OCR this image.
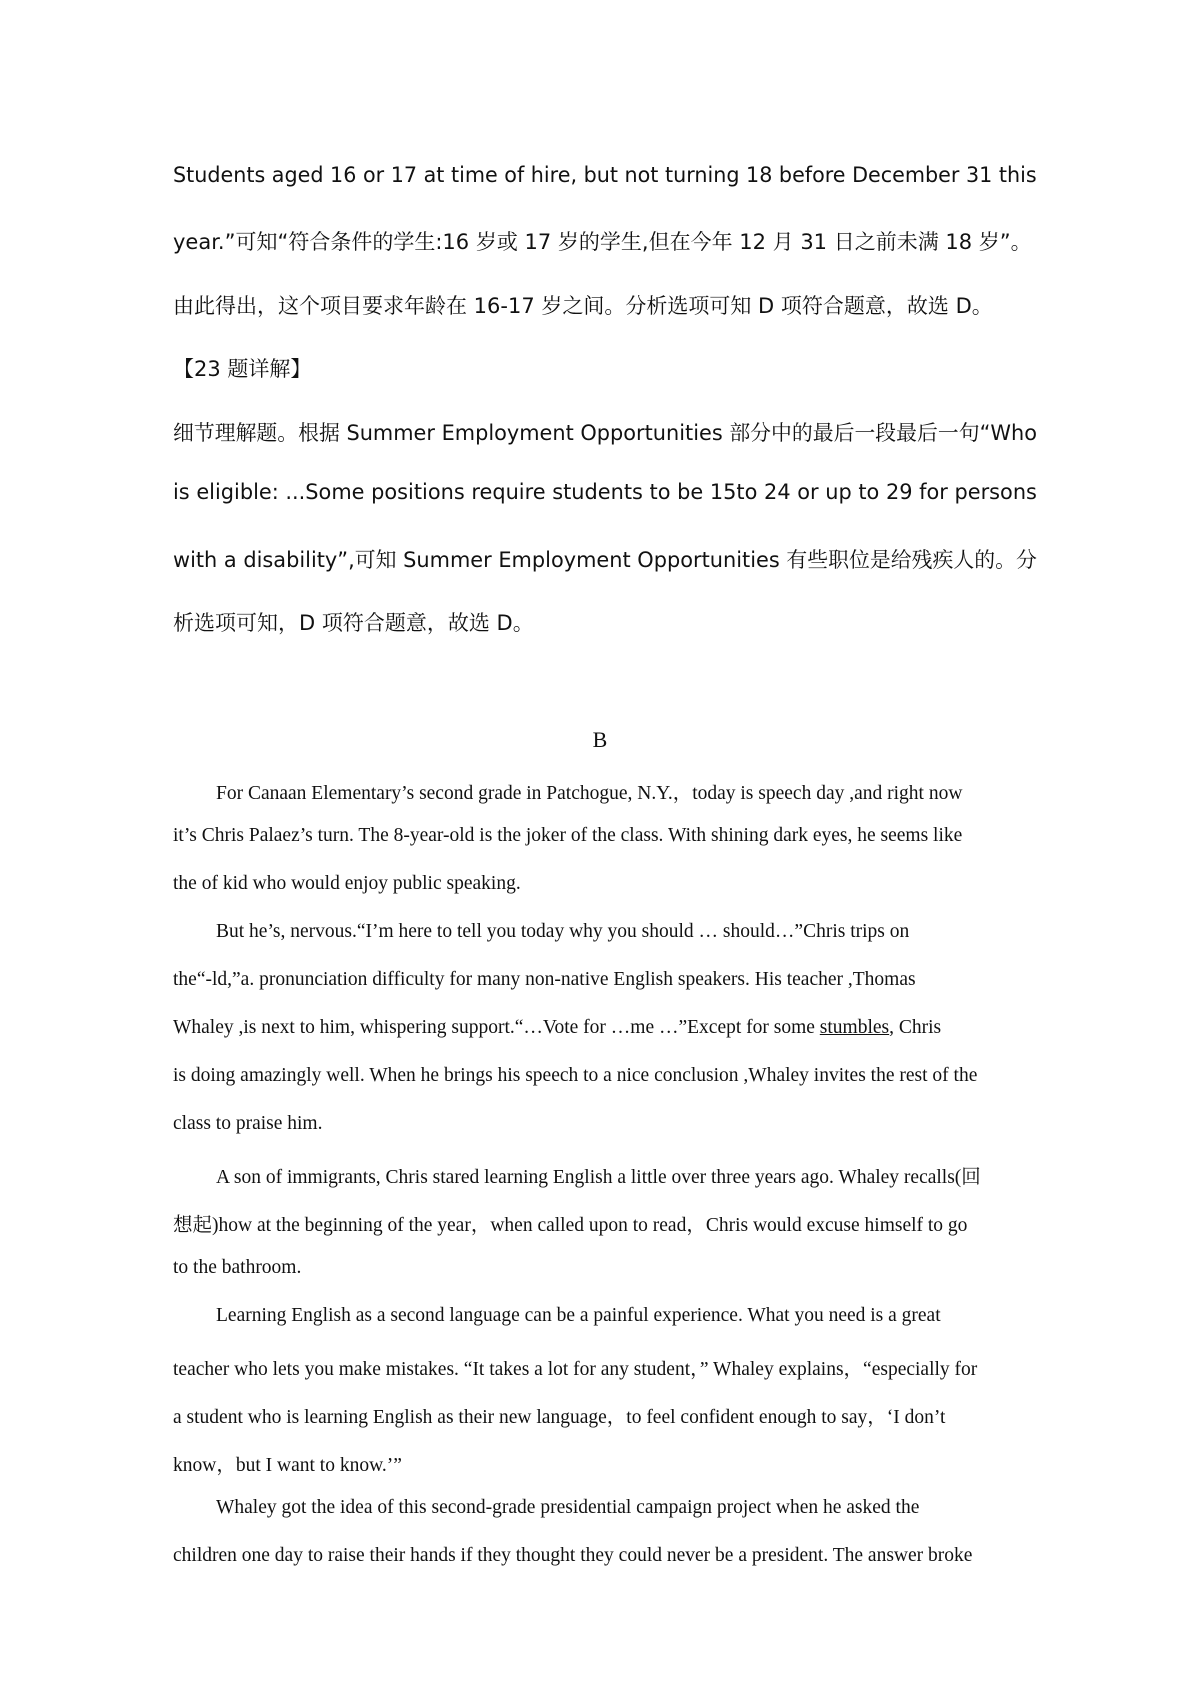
Students aged 16 or 17 at time of hire, but not turning 18 before December 31 this
year.”可知“符合条件的学生:16 岁或 17 岁的学生,但在今年 12 月 31 日之前未满 18 岁”。
由此得出，这个项目要求年龄在 16-17 岁之间。分析选项可知 D 项符合题意，故选 D。
【23 题详解】
细节理解题。根据 Summer Employment Opportunities 部分中的最后一段最后一句“Who
is eligible: ...Some positions require students to be 15to 24 or up to 29 for persons
with a disability”,可知 Summer Employment Opportunities 有些职位是给残疾人的。分
析选项可知，D 项符合题意，故选 D。
B
For Canaan Elementary’s second grade in Patchogue, N.Y.，today is speech day ,and right now
it’s Chris Palaez’s turn. The 8-year-old is the joker of the class. With shining dark eyes, he seems like
the of kid who would enjoy public speaking.
But he’s, nervous.“I’m here to tell you today why you should … should…”Chris trips on
the“-ld,”a. pronunciation difficulty for many non-native English speakers. His teacher ,Thomas
Whaley ,is next to him, whispering support.“…Vote for …me …”Except for some stumbles, Chris
is doing amazingly well. When he brings his speech to a nice conclusion ,Whaley invites the rest of the
class to praise him.
A son of immigrants, Chris stared learning English a little over three years ago. Whaley recalls(回
想起)how at the beginning of the year，when called upon to read，Chris would excuse himself to go
to the bathroom.
Learning English as a second language can be a painful experience. What you need is a great
teacher who lets you make mistakes. “It takes a lot for any student，” Whaley explains，“especially for
a student who is learning English as their new language，to feel confident enough to say，‘I don’t
know，but I want to know.’”
Whaley got the idea of this second-grade presidential campaign project when he asked the
children one day to raise their hands if they thought they could never be a president. The answer broke
